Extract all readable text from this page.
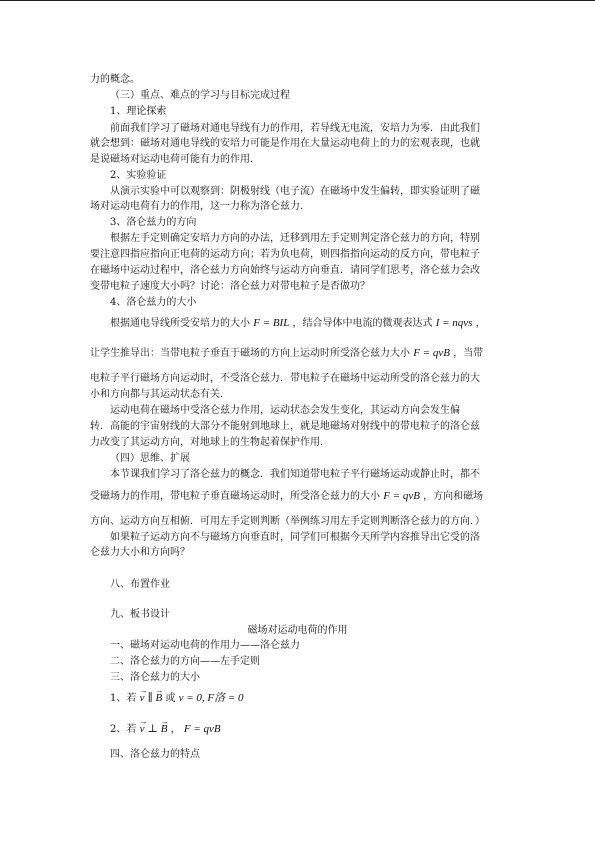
力的概念。
（三）重点、难点的学习与目标完成过程
1、理论探索
前面我们学习了磁场对通电导线有力的作用，若导线无电流，安培力为零．由此我们
就会想到：磁场对通电导线的安培力可能是作用在大量运动电荷上的力的宏观表现，也就
是说磁场对运动电荷可能有力的作用．
2、实验验证
从演示实验中可以观察到：阴极射线（电子流）在磁场中发生偏转，即实验证明了磁
场对运动电荷有力的作用，这一力称为洛仑兹力．
3、洛仑兹力的方向
根据左手定则确定安培力方向的办法，迁移到用左手定则判定洛仑兹力的方向，特别
要注意四指应指向正电荷的运动方向；若为负电荷，则四指指向运动的反方向，带电粒子
在磁场中运动过程中，洛仑兹力方向始终与运动方向垂直．请同学们思考，洛仑兹力会改
变带电粒子速度大小吗？讨论：洛仑兹力对带电粒子是否做功？
4、洛仑兹力的大小
根据通电导线所受安培力的大小 F = BIL ，结合导体中电流的微观表达式 I = nqvs ，
让学生推导出：当带电粒子垂直于磁场的方向上运动时所受洛仑兹力大小 F = qvB ，当带
电粒子平行磁场方向运动时，不受洛仑兹力．带电粒子在磁场中运动所受的洛仑兹力的大
小和方向都与其运动状态有关．
运动电荷在磁场中受洛仑兹力作用，运动状态会发生变化，其运动方向会发生偏
转．高能的宇宙射线的大部分不能射到地球上，就是地磁场对射线中的带电粒子的洛仑兹
力改变了其运动方向，对地球上的生物起着保护作用．
（四）思维、扩展
本节课我们学习了洛仑兹力的概念．我们知道带电粒子平行磁场运动或静止时，都不
受磁场力的作用，带电粒子垂直磁场运动时，所受洛仑兹力的大小 F = qvB ，方向和磁场
方向、运动方向互相俯．可用左手定则判断（举例练习用左手定则判断洛仑兹力的方向．）
如果粒子运动方向不与磁场方向垂直时，同学们可根据今天所学内容推导出它受的洛
仑兹力大小和方向吗？
八、布置作业
九、板书设计
磁场对运动电荷的作用
一、磁场对运动电荷的作用力——洛仑兹力
二、洛仑兹力的方向——左手定则
三、洛仑兹力的大小
1、若 → v ∥ → B 或 v = 0, F洛 = 0
2、若 → v ⊥ → B ， F = qvB
四、洛仑兹力的特点
